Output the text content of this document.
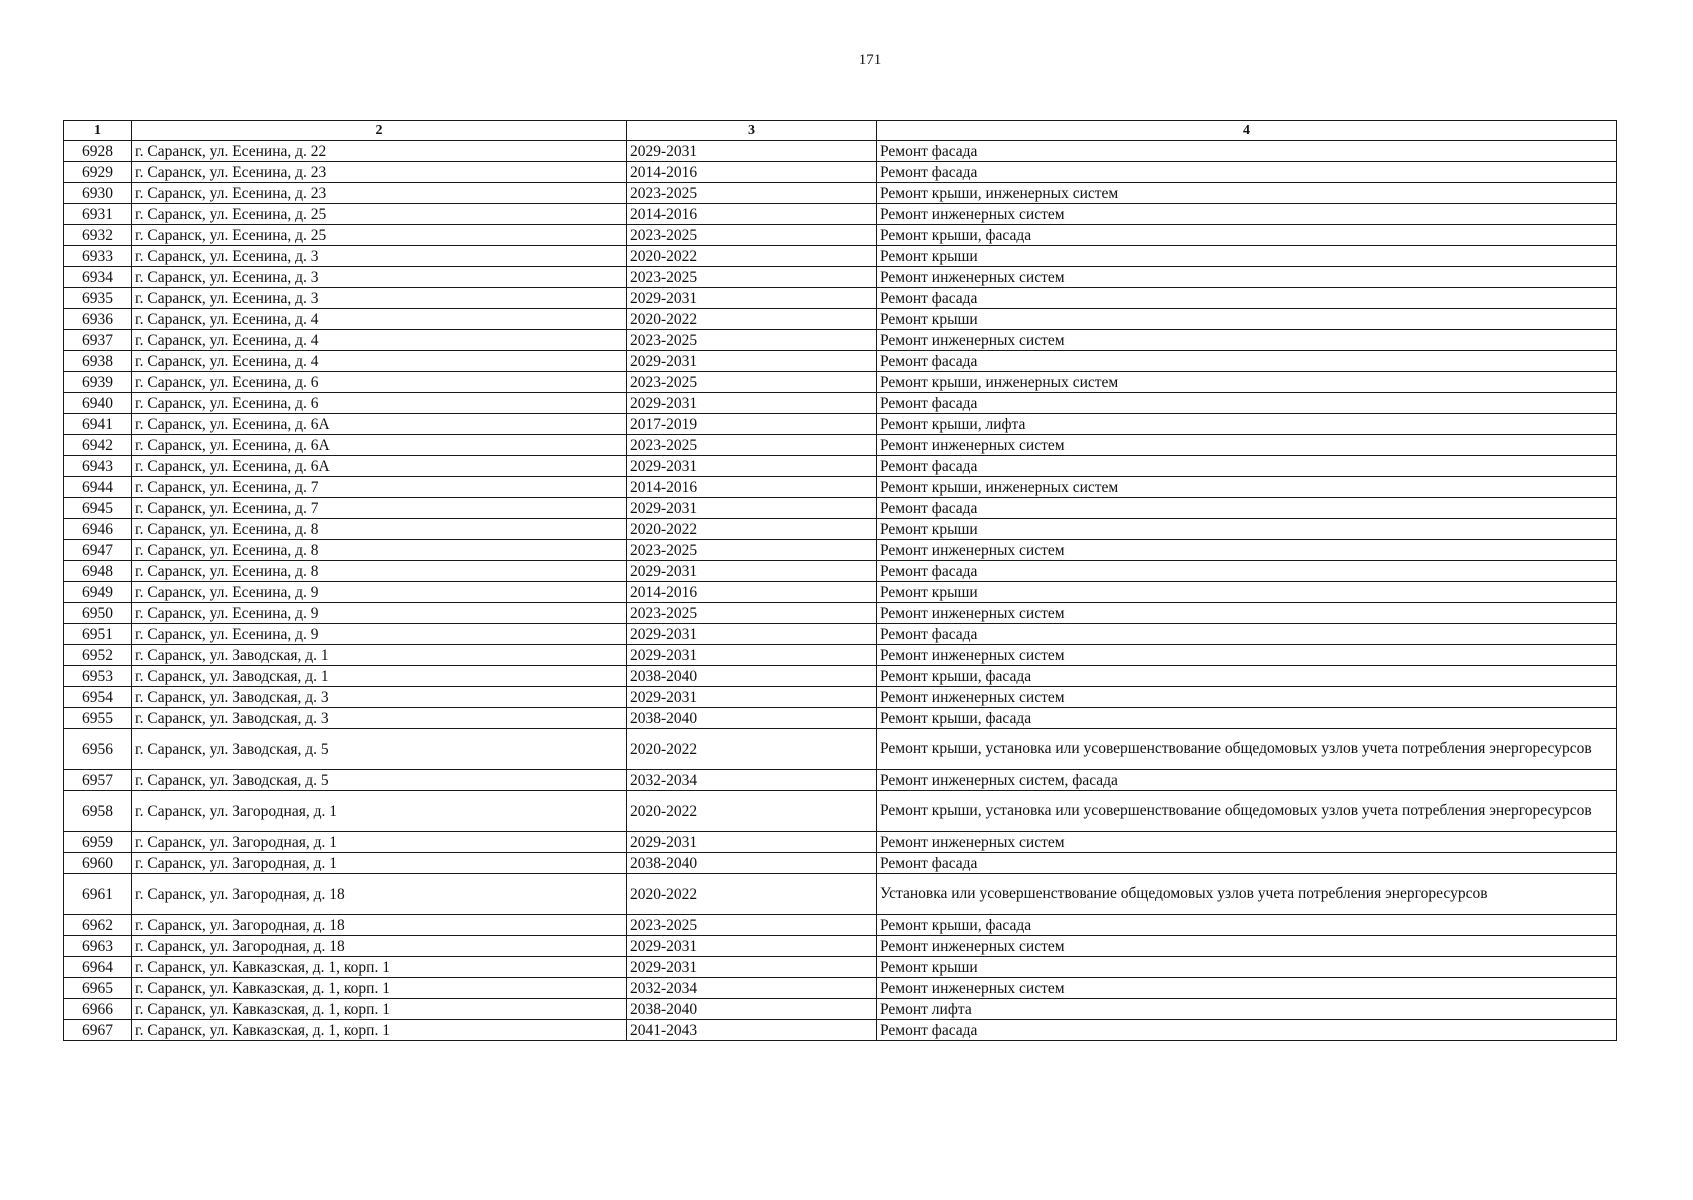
171
1	2	3	4
6928	г. Саранск, ул. Есенина, д. 22	2029-2031	Ремонт фасада
6929	г. Саранск, ул. Есенина, д. 23	2014-2016	Ремонт фасада
6930	г. Саранск, ул. Есенина, д. 23	2023-2025	Ремонт крыши, инженерных систем
6931	г. Саранск, ул. Есенина, д. 25	2014-2016	Ремонт инженерных систем
6932	г. Саранск, ул. Есенина, д. 25	2023-2025	Ремонт крыши, фасада
6933	г. Саранск, ул. Есенина, д. 3	2020-2022	Ремонт крыши
6934	г. Саранск, ул. Есенина, д. 3	2023-2025	Ремонт инженерных систем
6935	г. Саранск, ул. Есенина, д. 3	2029-2031	Ремонт фасада
6936	г. Саранск, ул. Есенина, д. 4	2020-2022	Ремонт крыши
6937	г. Саранск, ул. Есенина, д. 4	2023-2025	Ремонт инженерных систем
6938	г. Саранск, ул. Есенина, д. 4	2029-2031	Ремонт фасада
6939	г. Саранск, ул. Есенина, д. 6	2023-2025	Ремонт крыши, инженерных систем
6940	г. Саранск, ул. Есенина, д. 6	2029-2031	Ремонт фасада
6941	г. Саранск, ул. Есенина, д. 6А	2017-2019	Ремонт крыши, лифта
6942	г. Саранск, ул. Есенина, д. 6А	2023-2025	Ремонт инженерных систем
6943	г. Саранск, ул. Есенина, д. 6А	2029-2031	Ремонт фасада
6944	г. Саранск, ул. Есенина, д. 7	2014-2016	Ремонт крыши, инженерных систем
6945	г. Саранск, ул. Есенина, д. 7	2029-2031	Ремонт фасада
6946	г. Саранск, ул. Есенина, д. 8	2020-2022	Ремонт крыши
6947	г. Саранск, ул. Есенина, д. 8	2023-2025	Ремонт инженерных систем
6948	г. Саранск, ул. Есенина, д. 8	2029-2031	Ремонт фасада
6949	г. Саранск, ул. Есенина, д. 9	2014-2016	Ремонт крыши
6950	г. Саранск, ул. Есенина, д. 9	2023-2025	Ремонт инженерных систем
6951	г. Саранск, ул. Есенина, д. 9	2029-2031	Ремонт фасада
6952	г. Саранск, ул. Заводская, д. 1	2029-2031	Ремонт инженерных систем
6953	г. Саранск, ул. Заводская, д. 1	2038-2040	Ремонт крыши, фасада
6954	г. Саранск, ул. Заводская, д. 3	2029-2031	Ремонт инженерных систем
6955	г. Саранск, ул. Заводская, д. 3	2038-2040	Ремонт крыши, фасада
6956	г. Саранск, ул. Заводская, д. 5	2020-2022	Ремонт крыши, установка или усовершенствование общедомовых узлов учета потребления энергоресурсов
6957	г. Саранск, ул. Заводская, д. 5	2032-2034	Ремонт инженерных систем, фасада
6958	г. Саранск, ул. Загородная, д. 1	2020-2022	Ремонт крыши, установка или усовершенствование общедомовых узлов учета потребления энергоресурсов
6959	г. Саранск, ул. Загородная, д. 1	2029-2031	Ремонт инженерных систем
6960	г. Саранск, ул. Загородная, д. 1	2038-2040	Ремонт фасада
6961	г. Саранск, ул. Загородная, д. 18	2020-2022	Установка или усовершенствование общедомовых узлов учета потребления энергоресурсов
6962	г. Саранск, ул. Загородная, д. 18	2023-2025	Ремонт крыши, фасада
6963	г. Саранск, ул. Загородная, д. 18	2029-2031	Ремонт инженерных систем
6964	г. Саранск, ул. Кавказская, д. 1, корп. 1	2029-2031	Ремонт крыши
6965	г. Саранск, ул. Кавказская, д. 1, корп. 1	2032-2034	Ремонт инженерных систем
6966	г. Саранск, ул. Кавказская, д. 1, корп. 1	2038-2040	Ремонт лифта
6967	г. Саранск, ул. Кавказская, д. 1, корп. 1	2041-2043	Ремонт фасада
